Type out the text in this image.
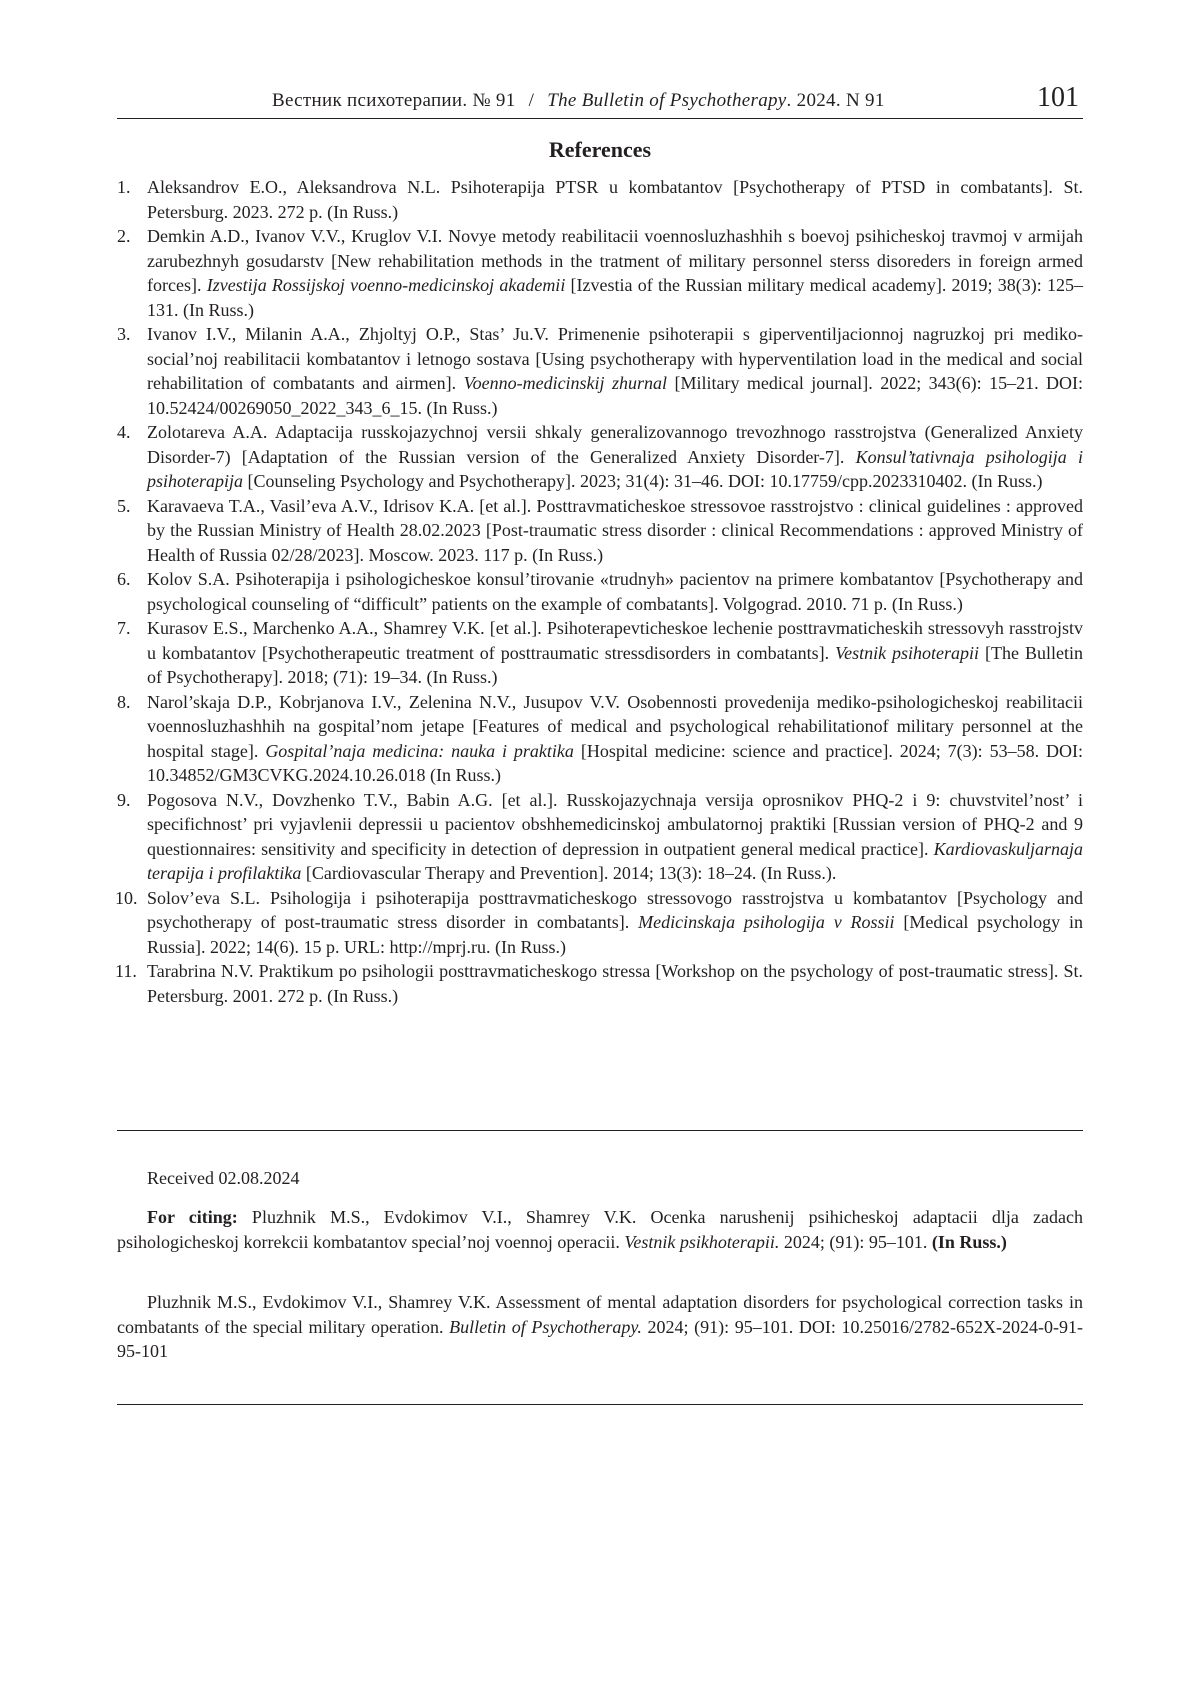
Вестник психотерапии. № 91 / The Bulletin of Psychotherapy. 2024. N 91	101
References
1. Aleksandrov E.O., Aleksandrova N.L. Psihoterapija PTSR u kombatantov [Psychotherapy of PTSD in combatants]. St. Petersburg. 2023. 272 p. (In Russ.)
2. Demkin A.D., Ivanov V.V., Kruglov V.I. Novye metody reabilitacii voennosluzhashhih s boevoj psihicheskoj travmoj v armijah zarubezhnyh gosudarstv [New rehabilitation methods in the tratment of military personnel sterss disoreders in foreign armed forces]. Izvestija Rossijskoj voenno-medicinskoj akademii [Izvestia of the Russian military medical academy]. 2019; 38(3): 125–131. (In Russ.)
3. Ivanov I.V., Milanin A.A., Zhjoltyj O.P., Stas’ Ju.V. Primenenie psihoterapii s giperventiljacionnoj nagruzkoj pri mediko-social’noj reabilitacii kombatantov i letnogo sostava [Using psychotherapy with hyperventilation load in the medical and social rehabilitation of combatants and airmen]. Voenno-medicinskij zhurnal [Military medical journal]. 2022; 343(6): 15–21. DOI: 10.52424/00269050_2022_343_6_15. (In Russ.)
4. Zolotareva A.A. Adaptacija russkojazychnoj versii shkaly generalizovannogo trevozhnogo rasstrojstva (Generalized Anxiety Disorder-7) [Adaptation of the Russian version of the Generalized Anxiety Disorder-7]. Konsul’tativnaja psihologija i psihoterapija [Counseling Psychology and Psychotherapy]. 2023; 31(4): 31–46. DOI: 10.17759/cpp.2023310402. (In Russ.)
5. Karavaeva T.A., Vasil’eva A.V., Idrisov K.A. [et al.]. Posttravmaticheskoe stressovoe rasstrojstvo : clinical guidelines : approved by the Russian Ministry of Health 28.02.2023 [Post-traumatic stress disorder : clinical Recommendations : approved Ministry of Health of Russia 02/28/2023]. Moscow. 2023. 117 p. (In Russ.)
6. Kolov S.A. Psihoterapija i psihologicheskoe konsul’tirovanie «trudnyh» pacientov na primere kombatantov [Psychotherapy and psychological counseling of “difficult” patients on the example of combatants]. Volgograd. 2010. 71 p. (In Russ.)
7. Kurasov E.S., Marchenko A.A., Shamrey V.K. [et al.]. Psihoterapevticheskoe lechenie posttravmaticheskih stressovyh rasstrojstv u kombatantov [Psychotherapeutic treatment of posttraumatic stressdisorders in combatants]. Vestnik psihoterapii [The Bulletin of Psychotherapy]. 2018; (71): 19–34. (In Russ.)
8. Narol’skaja D.P., Kobrjanova I.V., Zelenina N.V., Jusupov V.V. Osobennosti provedenija mediko-psihologicheskoj reabilitacii voennosluzhashhih na gospital’nom jetape [Features of medical and psychological rehabilitationof military personnel at the hospital stage]. Gospital’naja medicina: nauka i praktika [Hospital medicine: science and practice]. 2024; 7(3): 53–58. DOI: 10.34852/GM3CVKG.2024.10.26.018 (In Russ.)
9. Pogosova N.V., Dovzhenko T.V., Babin A.G. [et al.]. Russkojazychnaja versija oprosnikov PHQ-2 i 9: chuvstvitel’nost’ i specifichnost’ pri vyjavlenii depressii u pacientov obshhemedicinskoj ambulatornoj praktiki [Russian version of PHQ-2 and 9 questionnaires: sensitivity and specificity in detection of depression in outpatient general medical practice]. Kardiovaskuljarnaja terapija i profilaktika [Cardiovascular Therapy and Prevention]. 2014; 13(3): 18–24. (In Russ.).
10. Solov’eva S.L. Psihologija i psihoterapija posttravmaticheskogo stressovogo rasstrojstva u kombatantov [Psychology and psychotherapy of post-traumatic stress disorder in combatants]. Medicinskaja psihologija v Rossii [Medical psychology in Russia]. 2022; 14(6). 15 p. URL: http://mprj.ru. (In Russ.)
11. Tarabrina N.V. Praktikum po psihologii posttravmaticheskogo stressa [Workshop on the psychology of post-traumatic stress]. St. Petersburg. 2001. 272 p. (In Russ.)
Received 02.08.2024
For citing: Pluzhnik M.S., Evdokimov V.I., Shamrey V.K. Ocenka narushenij psihicheskoj adaptacii dlja zadach psihologicheskoj korrekcii kombatantov special’noj voennoj operacii. Vestnik psikhoterapii. 2024; (91): 95–101. (In Russ.)
Pluzhnik M.S., Evdokimov V.I., Shamrey V.K. Assessment of mental adaptation disorders for psychological correction tasks in combatants of the special military operation. Bulletin of Psychotherapy. 2024; (91): 95–101. DOI: 10.25016/2782-652X-2024-0-91-95-101
